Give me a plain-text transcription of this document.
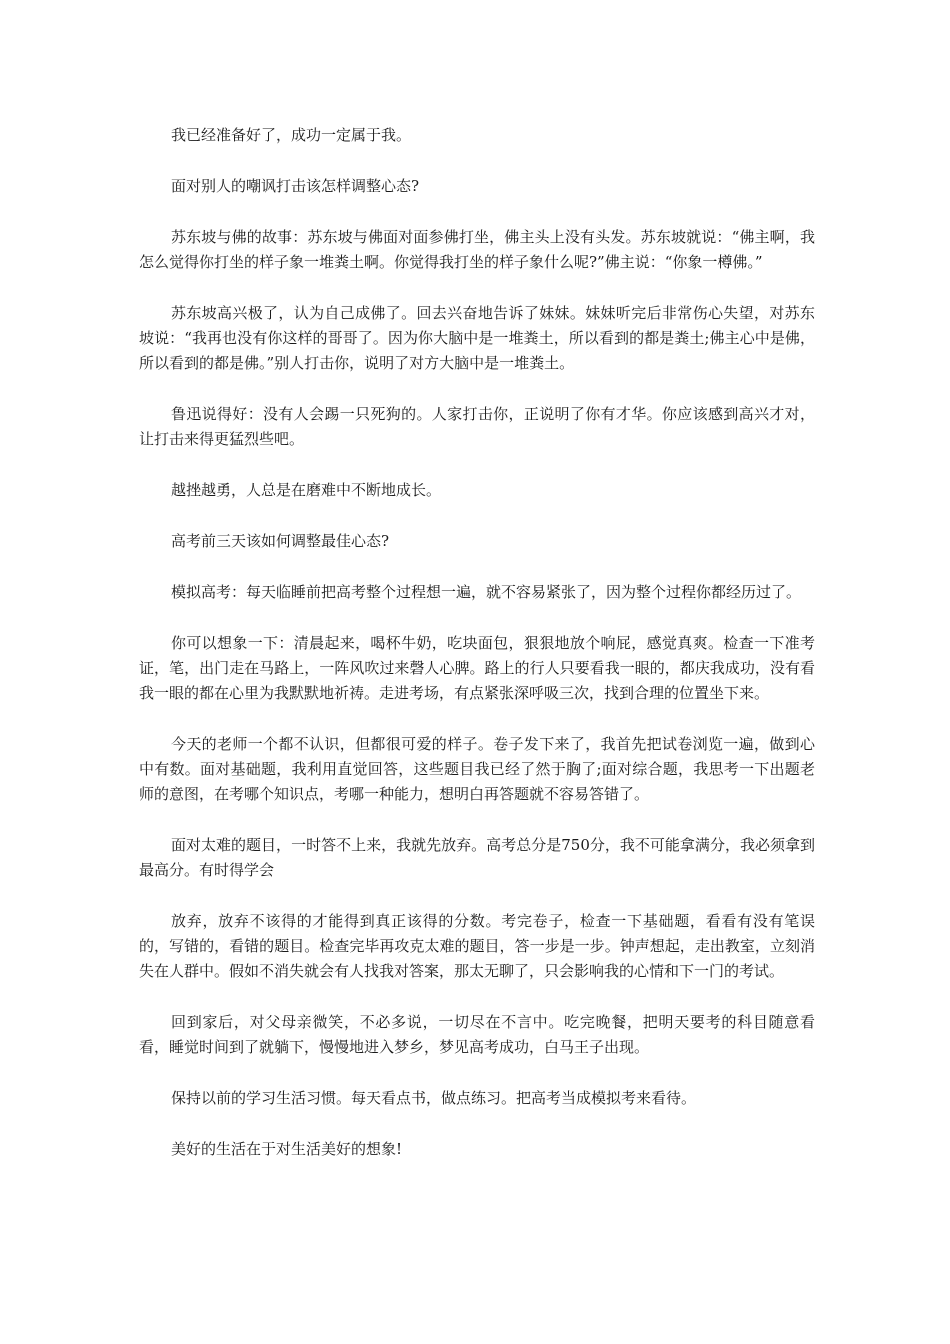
我已经准备好了，成功一定属于我。

面对别人的嘲讽打击该怎样调整心态?

苏东坡与佛的故事：苏东坡与佛面对面参佛打坐，佛主头上没有头发。苏东坡就说：“佛主啊，我怎么觉得你打坐的样子象一堆粪土啊。你觉得我打坐的样子象什么呢?”佛主说：“你象一樽佛。”

苏东坡高兴极了，认为自己成佛了。回去兴奋地告诉了妹妹。妹妹听完后非常伤心失望，对苏东坡说：“我再也没有你这样的哥哥了。因为你大脑中是一堆粪土，所以看到的都是粪土;佛主心中是佛，所以看到的都是佛。”别人打击你，说明了对方大脑中是一堆粪土。

鲁迅说得好：没有人会踢一只死狗的。人家打击你，正说明了你有才华。你应该感到高兴才对，让打击来得更猛烈些吧。

越挫越勇，人总是在磨难中不断地成长。

高考前三天该如何调整最佳心态?

模拟高考：每天临睡前把高考整个过程想一遍，就不容易紧张了，因为整个过程你都经历过了。

你可以想象一下：清晨起来，喝杯牛奶，吃块面包，狠狠地放个响屁，感觉真爽。检查一下准考证，笔，出门走在马路上，一阵风吹过来磬人心脾。路上的行人只要看我一眼的，都庆我成功，没有看我一眼的都在心里为我默默地祈祷。走进考场，有点紧张深呼吸三次，找到合理的位置坐下来。

今天的老师一个都不认识，但都很可爱的样子。卷子发下来了，我首先把试卷浏览一遍，做到心中有数。面对基础题，我利用直觉回答，这些题目我已经了然于胸了;面对综合题，我思考一下出题老师的意图，在考哪个知识点，考哪一种能力，想明白再答题就不容易答错了。

面对太难的题目，一时答不上来，我就先放弃。高考总分是750分，我不可能拿满分，我必须拿到最高分。有时得学会

放弃，放弃不该得的才能得到真正该得的分数。考完卷子，检查一下基础题，看看有没有笔误的，写错的，看错的题目。检查完毕再攻克太难的题目，答一步是一步。钟声想起，走出教室，立刻消失在人群中。假如不消失就会有人找我对答案，那太无聊了，只会影响我的心情和下一门的考试。

回到家后，对父母亲微笑，不必多说，一切尽在不言中。吃完晚餐，把明天要考的科目随意看看，睡觉时间到了就躺下，慢慢地进入梦乡，梦见高考成功，白马王子出现。

保持以前的学习生活习惯。每天看点书，做点练习。把高考当成模拟考来看待。

美好的生活在于对生活美好的想象!
